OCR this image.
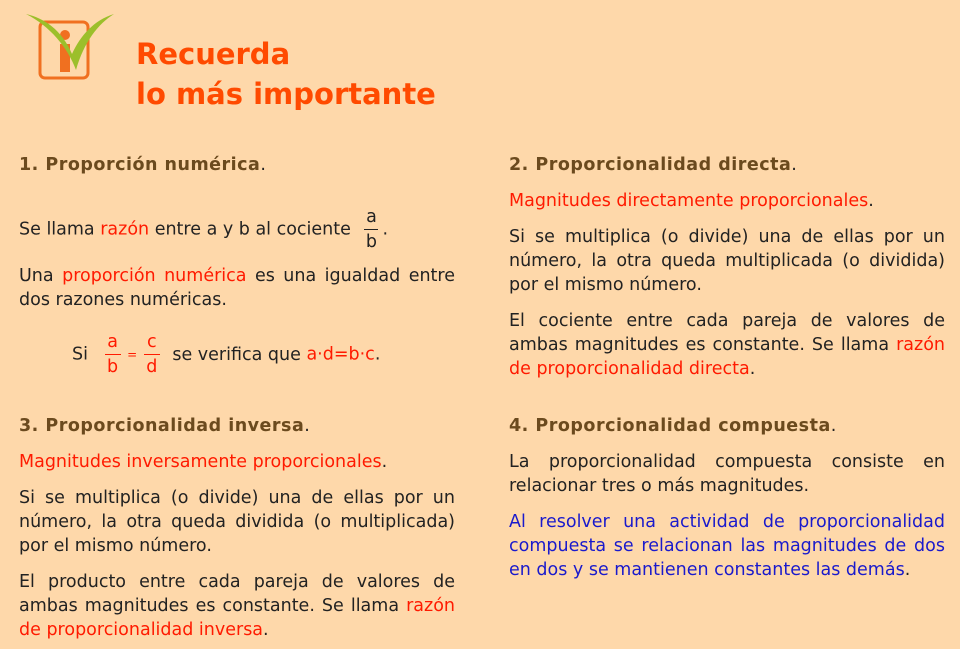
Recuerda
lo más importante

1. Proporción numérica.

Se llama razón entre a y b al cociente $\frac{a}{b}$ .

Una proporción numérica es una igualdad entre dos razones numéricas.

Si $\frac{a}{b} = \frac{c}{d}$ se verifica que a·d=b·c.

2. Proporcionalidad directa.

Magnitudes directamente proporcionales.

Si se multiplica (o divide) una de ellas por un número, la otra queda multiplicada (o dividida) por el mismo número.

El cociente entre cada pareja de valores de ambas magnitudes es constante. Se llama razón de proporcionalidad directa.

3. Proporcionalidad inversa.

Magnitudes inversamente proporcionales.

Si se multiplica (o divide) una de ellas por un número, la otra queda dividida (o multiplicada) por el mismo número.

El producto entre cada pareja de valores de ambas magnitudes es constante. Se llama razón de proporcionalidad inversa.

4. Proporcionalidad compuesta.

La proporcionalidad compuesta consiste en relacionar tres o más magnitudes.

Al resolver una actividad de proporcionalidad compuesta se relacionan las magnitudes de dos en dos y se mantienen constantes las demás.
